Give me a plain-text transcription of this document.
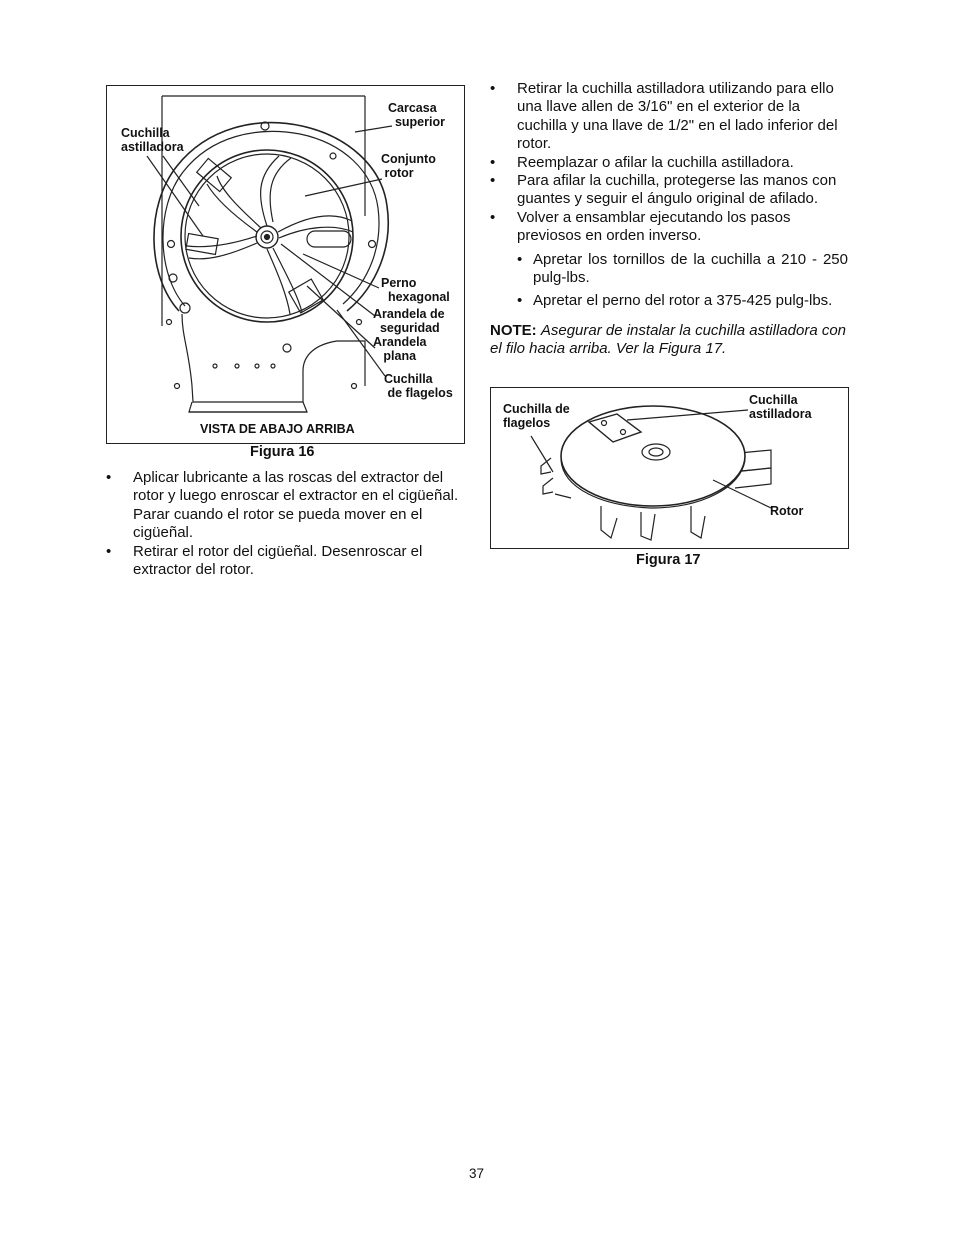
Carcasa
superior
Cuchilla
astilladora
Conjunto
rotor
Perno
hexagonal
Arandela de
seguridad
Arandela
plana
Cuchilla
de flagelos
VISTA DE ABAJO ARRIBA
Figura 16
• Aplicar lubricante a las roscas del extractor del rotor y luego enroscar el extractor en el cigüeñal. Parar cuando el rotor se pueda mover en el cigüeñal.
• Retirar el rotor del cigüeñal. Desenroscar el extractor del rotor.
• Retirar la cuchilla astilladora utilizando para ello una llave allen de 3/16" en el exterior de la cuchilla y una llave de 1/2" en el lado inferior del rotor.
• Reemplazar o afilar la cuchilla astilladora.
• Para afilar la cuchilla, protegerse las manos con guantes y seguir el ángulo original de afilado.
• Volver a ensamblar ejecutando los pasos previosos en orden inverso.
• Apretar los tornillos de la cuchilla a 210 - 250 pulg-lbs.
• Apretar el perno del rotor a 375-425 pulg-lbs.
NOTE: Asegurar de instalar la cuchilla astilladora con el filo hacia arriba. Ver la Figura 17.
Cuchilla de
flagelos
Cuchilla
astilladora
Rotor
Figura 17
37
